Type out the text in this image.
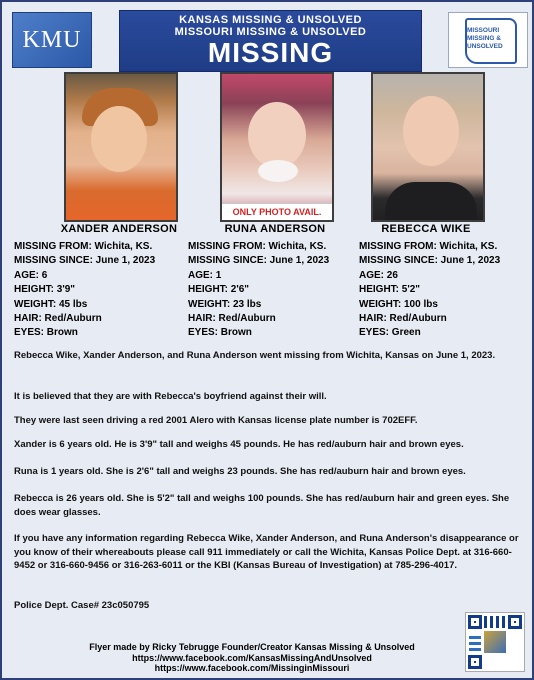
KMU
KANSAS MISSING & UNSOLVED
MISSOURI MISSING & UNSOLVED
MISSING
MISSOURI
MISSING &
UNSOLVED
ONLY PHOTO AVAIL.
XANDER ANDERSON	RUNA ANDERSON	REBECCA WIKE
MISSING FROM: Wichita, KS.
MISSING SINCE: June 1, 2023
AGE: 6
HEIGHT: 3'9"
WEIGHT: 45 lbs
HAIR: Red/Auburn
EYES: Brown
MISSING FROM: Wichita, KS.
MISSING SINCE: June 1, 2023
AGE: 1
HEIGHT: 2'6"
WEIGHT: 23 lbs
HAIR: Red/Auburn
EYES: Brown
MISSING FROM: Wichita, KS.
MISSING SINCE: June 1, 2023
AGE: 26
HEIGHT: 5'2"
WEIGHT: 100 lbs
HAIR: Red/Auburn
EYES: Green
Rebecca Wike, Xander Anderson, and Runa Anderson went missing from Wichita, Kansas on June 1, 2023.
It is believed that they are with Rebecca's boyfriend against their will.
They were last seen driving a red 2001 Alero with Kansas license plate number is 702EFF.
Xander is 6 years old. He is 3'9" tall and weighs 45 pounds. He has red/auburn hair and brown eyes.
Runa is 1 years old. She is 2'6" tall and weighs 23 pounds. She has red/auburn hair and brown eyes.
Rebecca is 26 years old. She is 5'2" tall and weighs 100 pounds. She has red/auburn hair and green eyes. She does wear glasses.
If you have any information regarding Rebecca Wike, Xander Anderson, and Runa Anderson's disappearance or you know of their whereabouts please call 911 immediately or call the Wichita, Kansas Police Dept. at 316-660-9452 or 316-660-9456 or 316-263-6011 or the KBI (Kansas Bureau of Investigation) at 785-296-4017.
Police Dept. Case# 23c050795
Flyer made by Ricky Tebrugge Founder/Creator Kansas Missing & Unsolved
https://www.facebook.com/KansasMissingAndUnsolved
https://www.facebook.com/MissinginMissouri
